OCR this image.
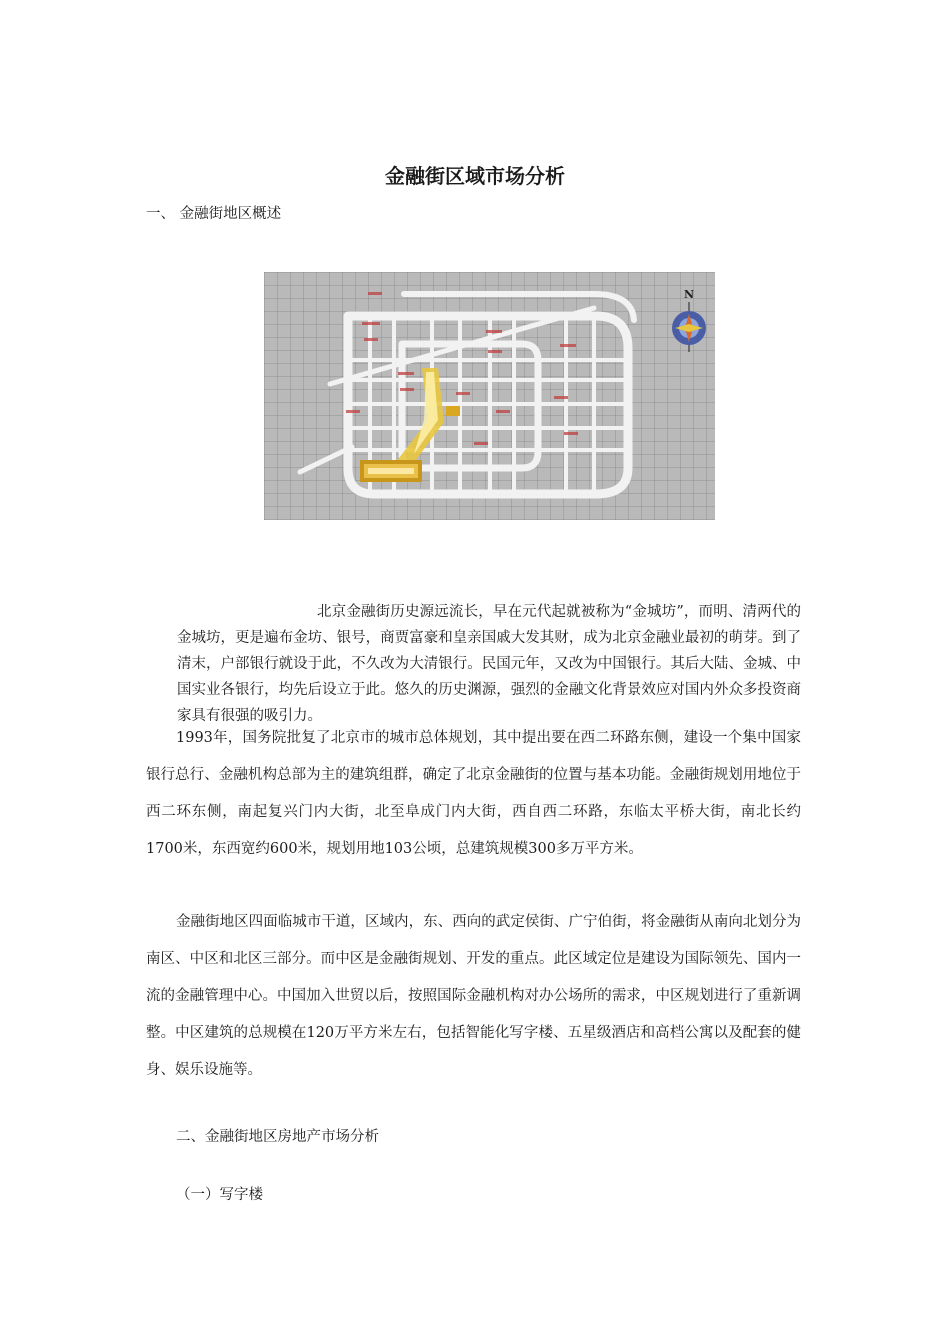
金融街区域市场分析
一、 金融街地区概述
N

北京金融街历史源远流长，早在元代起就被称为“金城坊”，而明、清两代的金城坊，更是遍布金坊、银号，商贾富豪和皇亲国戚大发其财，成为北京金融业最初的萌芽。到了清末，户部银行就设于此，不久改为大清银行。民国元年，又改为中国银行。其后大陆、金城、中国实业各银行，均先后设立于此。悠久的历史渊源，强烈的金融文化背景效应对国内外众多投资商家具有很强的吸引力。

1993年，国务院批复了北京市的城市总体规划，其中提出要在西二环路东侧，建设一个集中国家银行总行、金融机构总部为主的建筑组群，确定了北京金融街的位置与基本功能。金融街规划用地位于西二环东侧，南起复兴门内大街，北至阜成门内大街，西自西二环路，东临太平桥大街，南北长约1700米，东西宽约600米，规划用地103公顷，总建筑规模300多万平方米。

金融街地区四面临城市干道，区域内，东、西向的武定侯街、广宁伯街，将金融街从南向北划分为南区、中区和北区三部分。而中区是金融街规划、开发的重点。此区域定位是建设为国际领先、国内一流的金融管理中心。中国加入世贸以后，按照国际金融机构对办公场所的需求，中区规划进行了重新调整。中区建筑的总规模在120万平方米左右，包括智能化写字楼、五星级酒店和高档公寓以及配套的健身、娱乐设施等。

二、金融街地区房地产市场分析
（一）写字楼
